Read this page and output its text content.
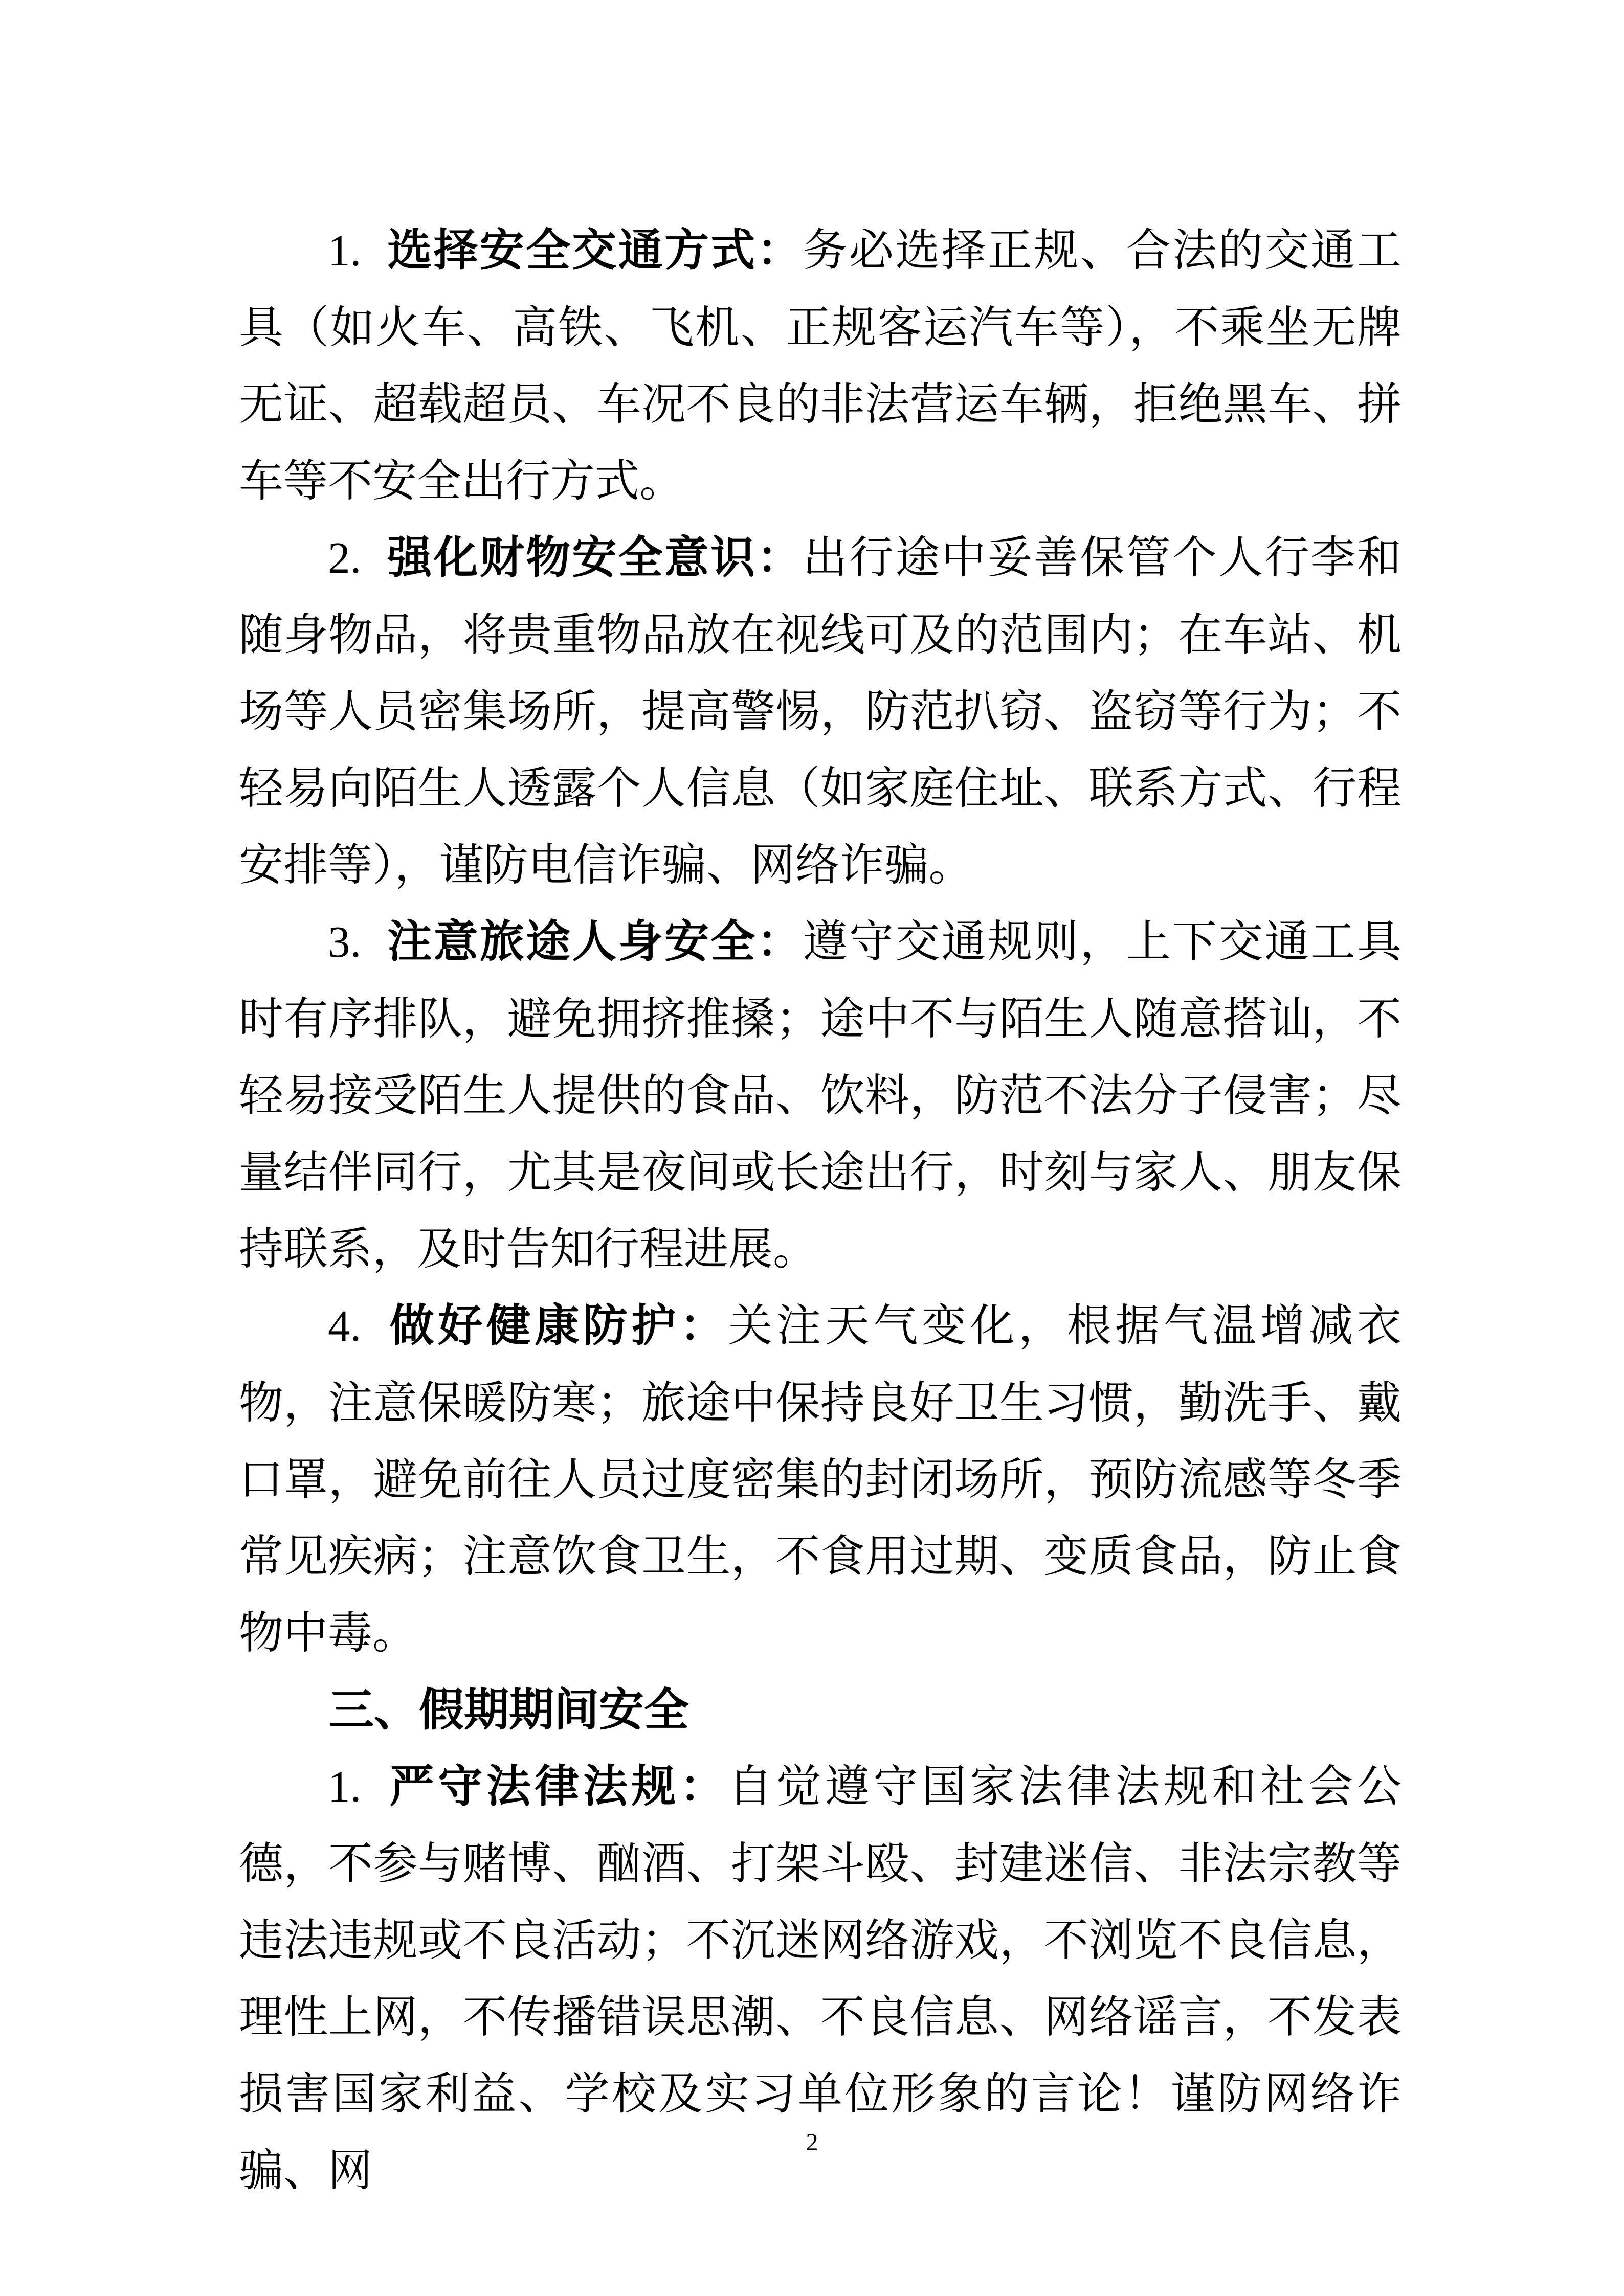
1. 选择安全交通方式：务必选择正规、合法的交通工具（如火车、高铁、飞机、正规客运汽车等），不乘坐无牌无证、超载超员、车况不良的非法营运车辆，拒绝黑车、拼车等不安全出行方式。

2. 强化财物安全意识：出行途中妥善保管个人行李和随身物品，将贵重物品放在视线可及的范围内；在车站、机场等人员密集场所，提高警惕，防范扒窃、盗窃等行为；不轻易向陌生人透露个人信息（如家庭住址、联系方式、行程安排等），谨防电信诈骗、网络诈骗。

3. 注意旅途人身安全：遵守交通规则，上下交通工具时有序排队，避免拥挤推搡；途中不与陌生人随意搭讪，不轻易接受陌生人提供的食品、饮料，防范不法分子侵害；尽量结伴同行，尤其是夜间或长途出行，时刻与家人、朋友保持联系，及时告知行程进展。

4. 做好健康防护：关注天气变化，根据气温增减衣物，注意保暖防寒；旅途中保持良好卫生习惯，勤洗手、戴口罩，避免前往人员过度密集的封闭场所，预防流感等冬季常见疾病；注意饮食卫生，不食用过期、变质食品，防止食物中毒。

三、假期期间安全

1. 严守法律法规：自觉遵守国家法律法规和社会公德，不参与赌博、酗酒、打架斗殴、封建迷信、非法宗教等违法违规或不良活动；不沉迷网络游戏，不浏览不良信息，理性上网，不传播错误思潮、不良信息、网络谣言，不发表损害国家利益、学校及实习单位形象的言论！谨防网络诈骗、网

2
